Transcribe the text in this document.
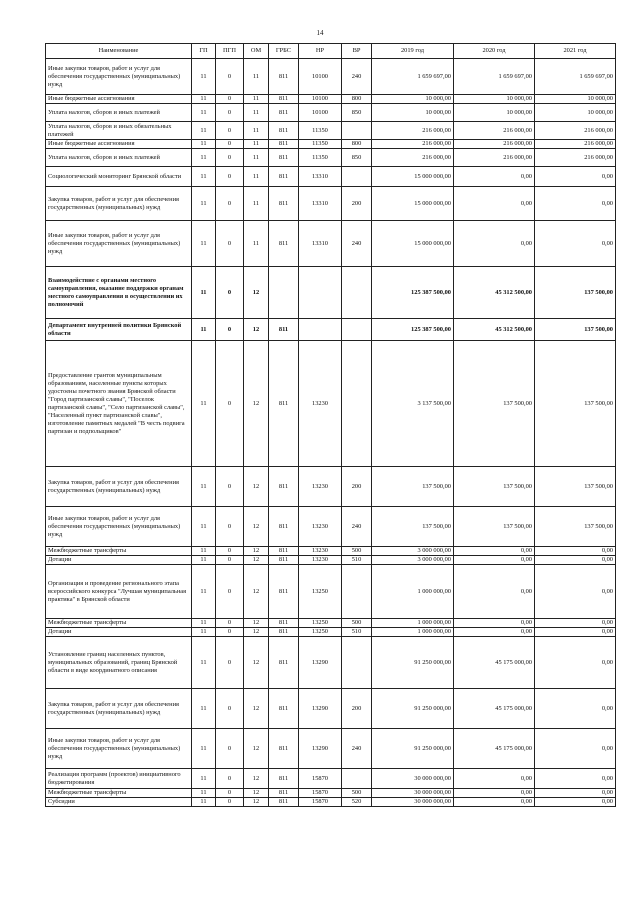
14
Наименование	ГП	ПГП	ОМ	ГРБС	НР	ВР	2019 год	2020 год	2021 год
Иные закупки товаров, работ и услуг для обеспечения государственных (муниципальных) нужд	11	0	11	811	10100	240	1 659 697,00	1 659 697,00	1 659 697,00
Иные бюджетные ассигнования	11	0	11	811	10100	800	10 000,00	10 000,00	10 000,00
Уплата налогов, сборов и иных платежей	11	0	11	811	10100	850	10 000,00	10 000,00	10 000,00
Уплата налогов, сборов и иных обязательных платежей	11	0	11	811	11350		216 000,00	216 000,00	216 000,00
Иные бюджетные ассигнования	11	0	11	811	11350	800	216 000,00	216 000,00	216 000,00
Уплата налогов, сборов и иных платежей	11	0	11	811	11350	850	216 000,00	216 000,00	216 000,00
Социологический мониторинг Брянской области	11	0	11	811	13310		15 000 000,00	0,00	0,00
Закупка товаров, работ и услуг для обеспечения государственных (муниципальных) нужд	11	0	11	811	13310	200	15 000 000,00	0,00	0,00
Иные закупки товаров, работ и услуг для обеспечения государственных (муниципальных) нужд	11	0	11	811	13310	240	15 000 000,00	0,00	0,00
Взаимодействие с органами местного самоуправления, оказание поддержки органам местного самоуправления в осуществлении их полномочий	11	0	12				125 387 500,00	45 312 500,00	137 500,00
Департамент внутренней политики Брянской области	11	0	12	811			125 387 500,00	45 312 500,00	137 500,00
Предоставление грантов муниципальным образованиям, населенные пункты которых удостоены почетного звания Брянской области "Город партизанской славы", "Поселок партизанской славы", "Село партизанской славы", "Населенный пункт партизанской славы", изготовление памятных медалей "В честь подвига партизан и подпольщиков"	11	0	12	811	13230		3 137 500,00	137 500,00	137 500,00
Закупка товаров, работ и услуг для обеспечения государственных (муниципальных) нужд	11	0	12	811	13230	200	137 500,00	137 500,00	137 500,00
Иные закупки товаров, работ и услуг для обеспечения государственных (муниципальных) нужд	11	0	12	811	13230	240	137 500,00	137 500,00	137 500,00
Межбюджетные трансферты	11	0	12	811	13230	500	3 000 000,00	0,00	0,00
Дотации	11	0	12	811	13230	510	3 000 000,00	0,00	0,00
Организация и проведение регионального этапа всероссийского конкурса "Лучшая муниципальная практика" в Брянской области	11	0	12	811	13250		1 000 000,00	0,00	0,00
Межбюджетные трансферты	11	0	12	811	13250	500	1 000 000,00	0,00	0,00
Дотации	11	0	12	811	13250	510	1 000 000,00	0,00	0,00
Установление границ населенных пунктов, муниципальных образований, границ Брянской области в виде координатного описания	11	0	12	811	13290		91 250 000,00	45 175 000,00	0,00
Закупка товаров, работ и услуг для обеспечения государственных (муниципальных) нужд	11	0	12	811	13290	200	91 250 000,00	45 175 000,00	0,00
Иные закупки товаров, работ и услуг для обеспечения государственных (муниципальных) нужд	11	0	12	811	13290	240	91 250 000,00	45 175 000,00	0,00
Реализация программ (проектов) инициативного бюджетирования	11	0	12	811	15870		30 000 000,00	0,00	0,00
Межбюджетные трансферты	11	0	12	811	15870	500	30 000 000,00	0,00	0,00
Субсидии	11	0	12	811	15870	520	30 000 000,00	0,00	0,00
